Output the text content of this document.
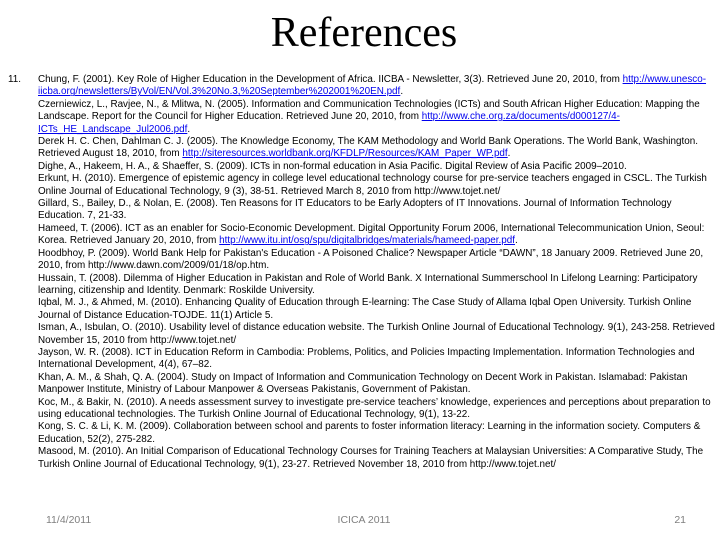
References
11.	Chung, F. (2001). Key Role of Higher Education in the Development of Africa. IICBA - Newsletter, 3(3). Retrieved June 20, 2010, from http://www.unesco-iicba.org/newsletters/ByVol/EN/Vol.3%20No.3,%20September%202001%20EN.pdf.

Czerniewicz, L., Ravjee, N., & Mlitwa, N. (2005). Information and Communication Technologies (ICTs) and South African Higher Education: Mapping the Landscape. Report for the Council for Higher Education. Retrieved June 20, 2010, from http://www.che.org.za/documents/d000127/4-ICTs_HE_Landscape_Jul2006.pdf.

Derek H. C. Chen, Dahlman C. J. (2005). The Knowledge Economy, The KAM Methodology and World Bank Operations. The World Bank, Washington. Retrieved August 18, 2010, from http://siteresources.worldbank.org/KFDLP/Resources/KAM_Paper_WP.pdf.

Dighe, A., Hakeem, H. A., & Shaeffer, S. (2009). ICTs in non-formal education in Asia Pacific. Digital Review of Asia Pacific 2009–2010.

Erkunt, H. (2010). Emergence of epistemic agency in college level educational technology course for pre-service teachers engaged in CSCL. The Turkish Online Journal of Educational Technology, 9 (3), 38-51. Retrieved March 8, 2010 from http://www.tojet.net/

Gillard, S., Bailey, D., & Nolan, E. (2008). Ten Reasons for IT Educators to be Early Adopters of IT Innovations. Journal of Information Technology Education. 7, 21-33.

Hameed, T. (2006). ICT as an enabler for Socio-Economic Development. Digital Opportunity Forum 2006, International Telecommunication Union, Seoul: Korea. Retrieved January 20, 2010, from http://www.itu.int/osg/spu/digitalbridges/materials/hameed-paper.pdf.

Hoodbhoy, P. (2009). World Bank Help for Pakistan's Education - A Poisoned Chalice? Newspaper Article “DAWN”, 18 January 2009. Retrieved June 20, 2010, from http://www.dawn.com/2009/01/18/op.htm.

Hussain, T. (2008). Dilemma of Higher Education in Pakistan and Role of World Bank. X International Summerschool In Lifelong Learning: Participatory learning, citizenship and Identity. Denmark: Roskilde University.

Iqbal, M. J., & Ahmed, M. (2010). Enhancing Quality of Education through E-learning: The Case Study of Allama Iqbal Open University. Turkish Online Journal of Distance Education-TOJDE. 11(1) Article 5.

Isman, A., Isbulan, O. (2010). Usability level of distance education website. The Turkish Online Journal of Educational Technology. 9(1), 243-258. Retrieved November 15, 2010 from http://www.tojet.net/

Jayson, W. R. (2008). ICT in Education Reform in Cambodia: Problems, Politics, and Policies Impacting Implementation. Information Technologies and International Development, 4(4), 67–82.

Khan, A. M., & Shah, Q. A. (2004). Study on Impact of Information and Communication Technology on Decent Work in Pakistan. Islamabad: Pakistan Manpower Institute, Ministry of Labour Manpower & Overseas Pakistanis, Government of Pakistan.

Koc, M., & Bakir, N. (2010). A needs assessment survey to investigate pre-service teachers’ knowledge, experiences and perceptions about preparation to using educational technologies. The Turkish Online Journal of Educational Technology, 9(1), 13-22.

Kong, S. C. & Li, K. M. (2009). Collaboration between school and parents to foster information literacy: Learning in the information society. Computers & Education, 52(2), 275-282.

Masood, M. (2010). An Initial Comparison of Educational Technology Courses for Training Teachers at Malaysian Universities: A Comparative Study, The Turkish Online Journal of Educational Technology, 9(1), 23-27. Retrieved November 18, 2010 from http://www.tojet.net/

11/4/2011	ICICA 2011	21
